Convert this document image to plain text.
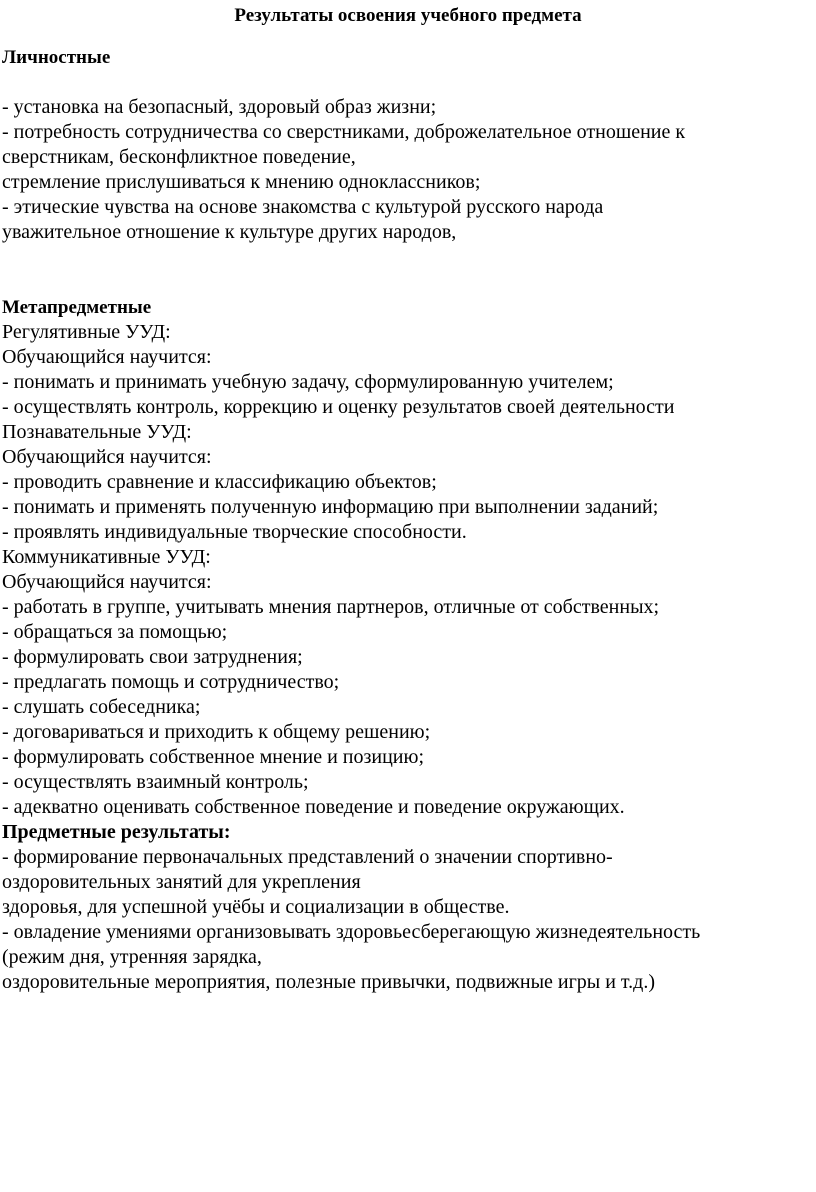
Результаты освоения учебного предмета
Личностные
- установка на безопасный, здоровый образ жизни;
- потребность сотрудничества со сверстниками, доброжелательное отношение к
сверстникам, бесконфликтное поведение,
стремление прислушиваться к мнению одноклассников;
- этические чувства на основе знакомства с культурой русского народа
уважительное отношение к культуре других народов,
Метапредметные
Регулятивные УУД:
Обучающийся научится:
- понимать и принимать учебную задачу, сформулированную учителем;
- осуществлять контроль, коррекцию и оценку результатов своей деятельности
Познавательные УУД:
Обучающийся научится:
- проводить сравнение и классификацию объектов;
- понимать и применять полученную информацию при выполнении заданий;
- проявлять индивидуальные творческие способности.
Коммуникативные УУД:
Обучающийся научится:
- работать в группе, учитывать мнения партнеров, отличные от собственных;
- обращаться за помощью;
- формулировать свои затруднения;
- предлагать помощь и сотрудничество;
- слушать собеседника;
- договариваться и приходить к общему решению;
- формулировать собственное мнение и позицию;
- осуществлять взаимный контроль;
- адекватно оценивать собственное поведение и поведение окружающих.
Предметные результаты:
- формирование первоначальных представлений о значении спортивно-
оздоровительных занятий для укрепления
здоровья, для успешной учёбы и социализации в обществе.
- овладение умениями организовывать здоровьесберегающую жизнедеятельность
(режим дня, утренняя зарядка,
оздоровительные мероприятия, полезные привычки, подвижные игры и т.д.)
